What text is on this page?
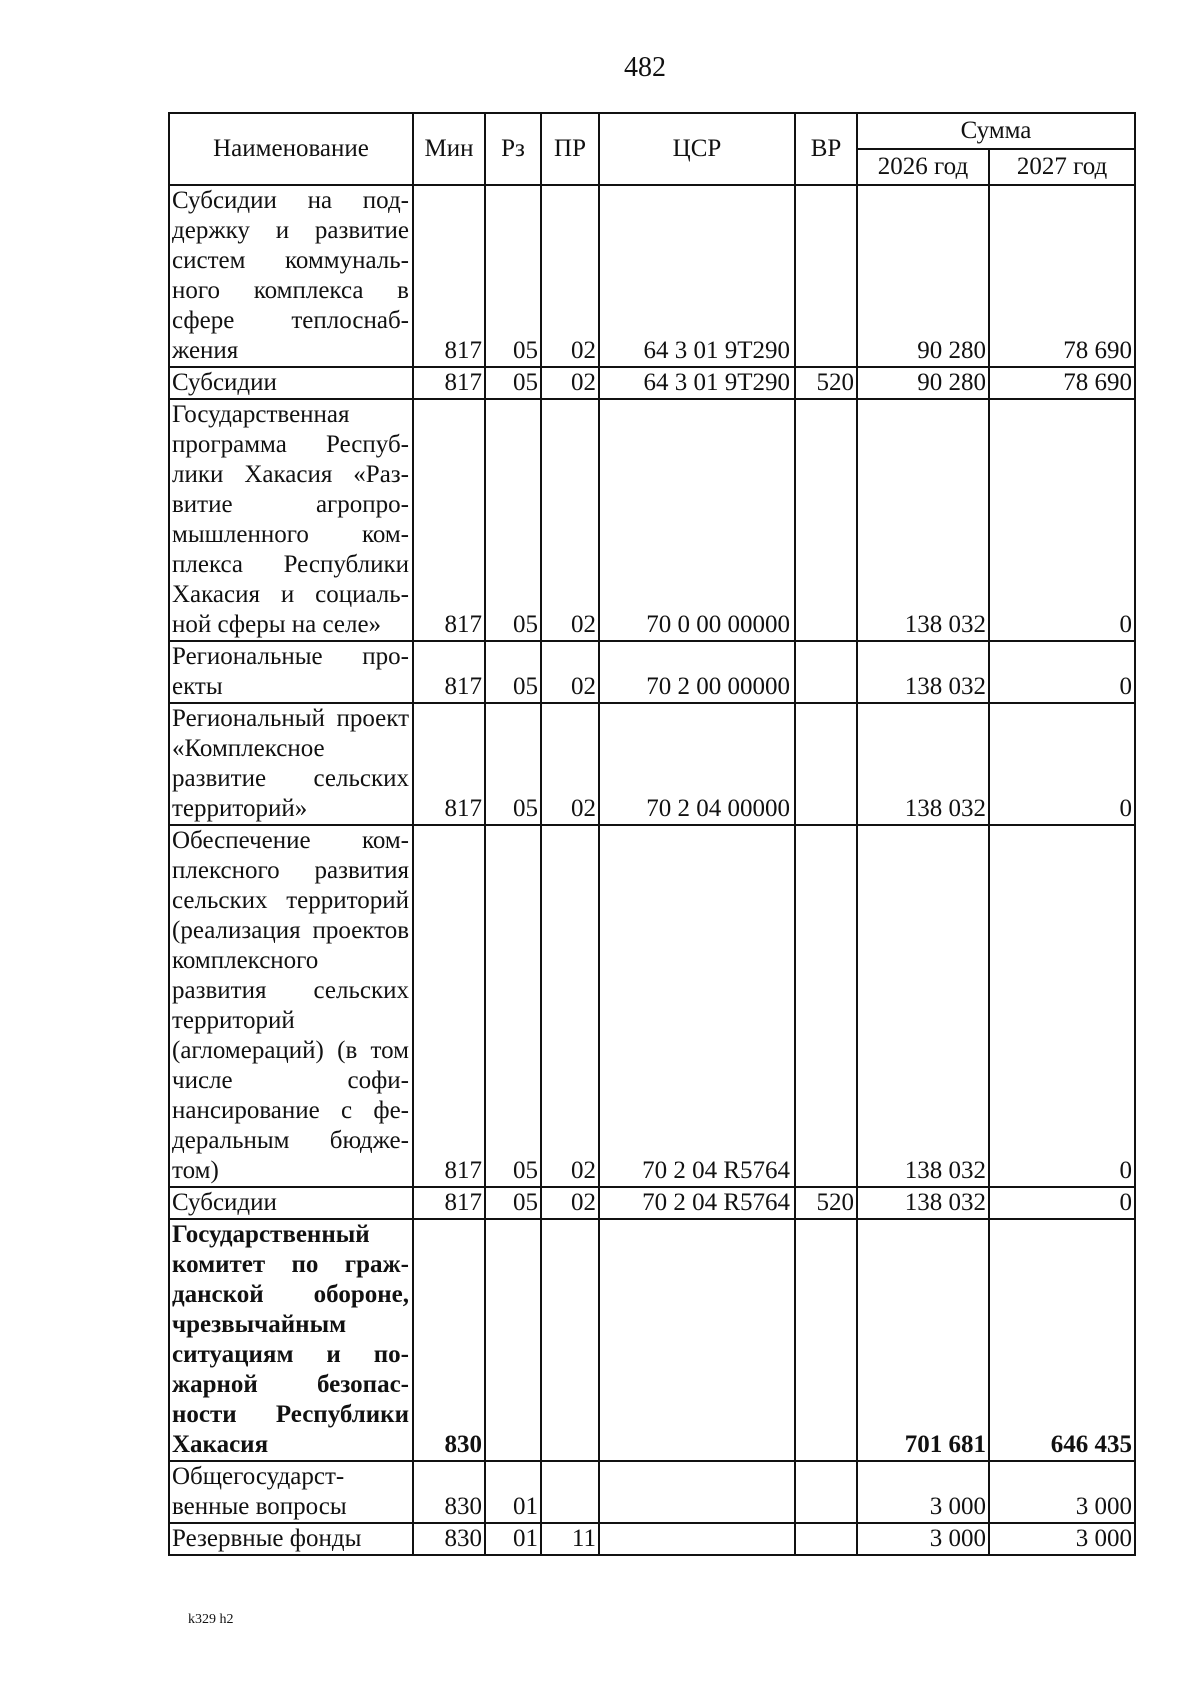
482
Наименование	Мин	Рз	ПР	ЦСР	ВР	Сумма	
						2026 год	2027 год
Субсидии на поддержку и развитие систем коммунального комплекса в сфере теплоснабжения	817	05	02	64 3 01 9Т290		90 280	78 690
Субсидии	817	05	02	64 3 01 9Т290	520	90 280	78 690
Государственная программа Республики Хакасия «Развитие агропромышленного комплекса Республики Хакасия и социальной сферы на селе»	817	05	02	70 0 00 00000		138 032	0
Региональные проекты	817	05	02	70 2 00 00000		138 032	0
Региональный проект «Комплексное развитие сельских территорий»	817	05	02	70 2 04 00000		138 032	0
Обеспечение комплексного развития сельских территорий (реализация проектов комплексного развития сельских территорий (агломераций) (в том числе софинансирование с федеральным бюджетом)	817	05	02	70 2 04 R5764		138 032	0
Субсидии	817	05	02	70 2 04 R5764	520	138 032	0
Государственный комитет по гражданской обороне, чрезвычайным ситуациям и пожарной безопасности Республики Хакасия	830					701 681	646 435
Общегосударственные вопросы	830	01				3 000	3 000
Резервные фонды	830	01	11			3 000	3 000
k329 h2
